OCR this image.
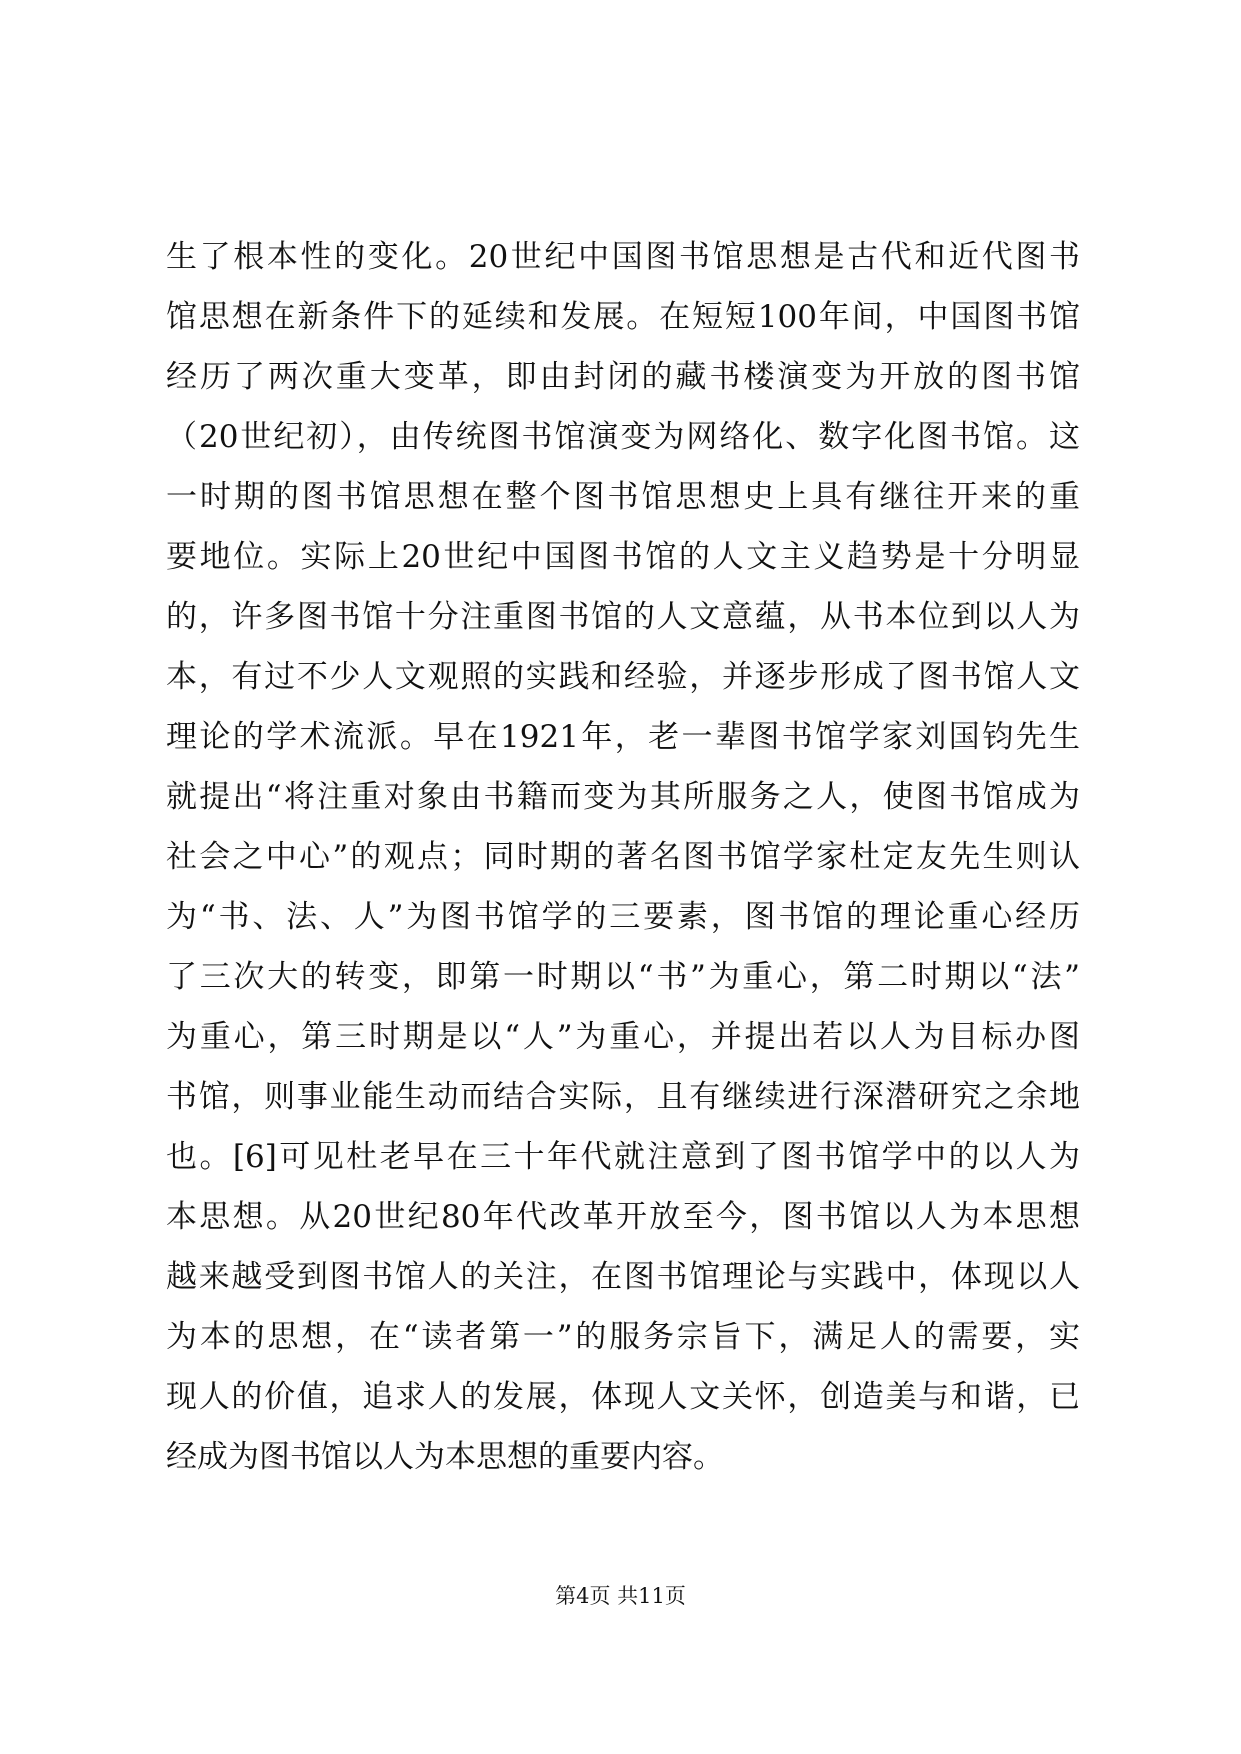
生了根本性的变化。20世纪中国图书馆思想是古代和近代图书
馆思想在新条件下的延续和发展。在短短100年间，中国图书馆
经历了两次重大变革，即由封闭的藏书楼演变为开放的图书馆
（20世纪初），由传统图书馆演变为网络化、数字化图书馆。这
一时期的图书馆思想在整个图书馆思想史上具有继往开来的重
要地位。实际上20世纪中国图书馆的人文主义趋势是十分明显
的，许多图书馆十分注重图书馆的人文意蕴，从书本位到以人为
本，有过不少人文观照的实践和经验，并逐步形成了图书馆人文
理论的学术流派。早在1921年，老一辈图书馆学家刘国钧先生
就提出“将注重对象由书籍而变为其所服务之人，使图书馆成为
社会之中心”的观点；同时期的著名图书馆学家杜定友先生则认
为“书、法、人”为图书馆学的三要素，图书馆的理论重心经历
了三次大的转变，即第一时期以“书”为重心，第二时期以“法”
为重心，第三时期是以“人”为重心，并提出若以人为目标办图
书馆，则事业能生动而结合实际，且有继续进行深潜研究之余地
也。[6]可见杜老早在三十年代就注意到了图书馆学中的以人为
本思想。从20世纪80年代改革开放至今，图书馆以人为本思想
越来越受到图书馆人的关注，在图书馆理论与实践中，体现以人
为本的思想，在“读者第一”的服务宗旨下，满足人的需要，实
现人的价值，追求人的发展，体现人文关怀，创造美与和谐，已
经成为图书馆以人为本思想的重要内容。
第4页 共11页
